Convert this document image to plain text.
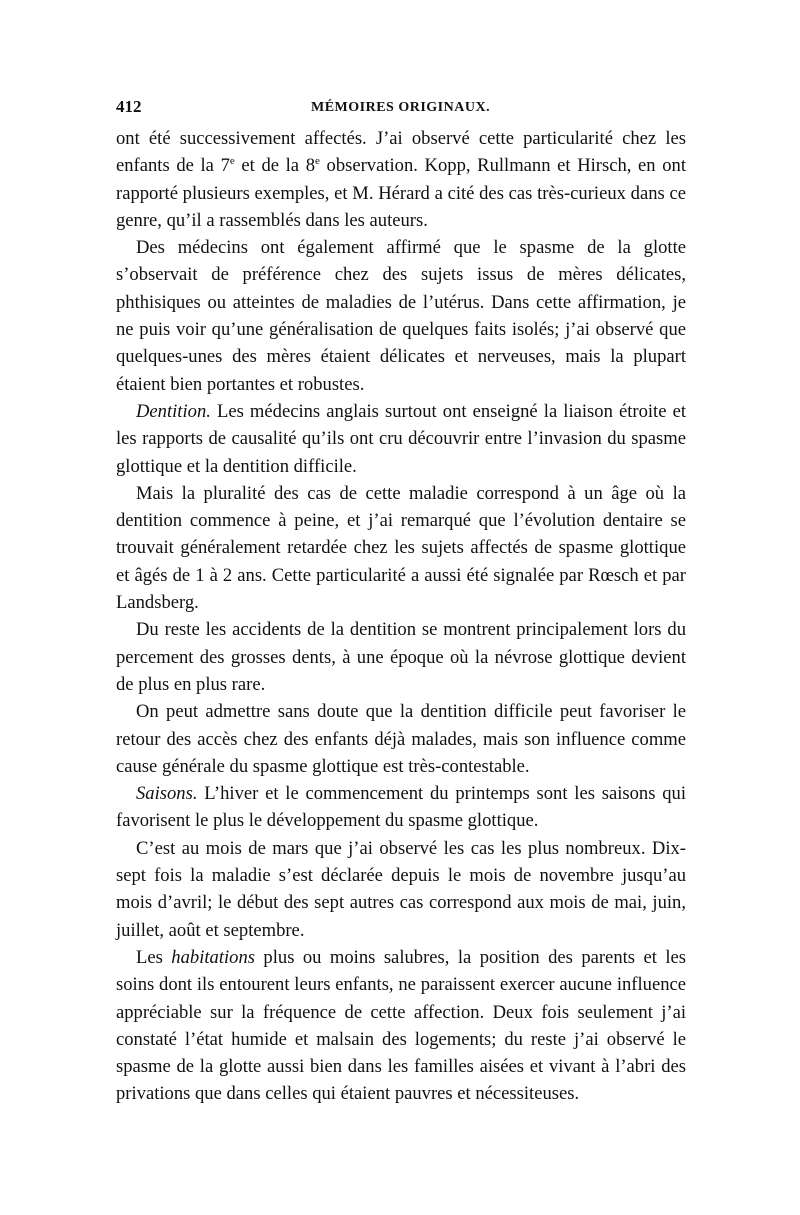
412	MÉMOIRES ORIGINAUX.

ont été successivement affectés. J’ai observé cette particularité chez les enfants de la 7e et de la 8e observation. Kopp, Rullmann et Hirsch, en ont rapporté plusieurs exemples, et M. Hérard a cité des cas très-curieux dans ce genre, qu’il a rassemblés dans les auteurs.

Des médecins ont également affirmé que le spasme de la glotte s’observait de préférence chez des sujets issus de mères délicates, phthisiques ou atteintes de maladies de l’utérus. Dans cette affirmation, je ne puis voir qu’une généralisation de quelques faits isolés; j’ai observé que quelques-unes des mères étaient délicates et nerveuses, mais la plupart étaient bien portantes et robustes.

Dentition. Les médecins anglais surtout ont enseigné la liaison étroite et les rapports de causalité qu’ils ont cru découvrir entre l’invasion du spasme glottique et la dentition difficile.

Mais la pluralité des cas de cette maladie correspond à un âge où la dentition commence à peine, et j’ai remarqué que l’évolution dentaire se trouvait généralement retardée chez les sujets affectés de spasme glottique et âgés de 1 à 2 ans. Cette particularité a aussi été signalée par Rœsch et par Landsberg.

Du reste les accidents de la dentition se montrent principalement lors du percement des grosses dents, à une époque où la névrose glottique devient de plus en plus rare.

On peut admettre sans doute que la dentition difficile peut favoriser le retour des accès chez des enfants déjà malades, mais son influence comme cause générale du spasme glottique est très-contestable.

Saisons. L’hiver et le commencement du printemps sont les saisons qui favorisent le plus le développement du spasme glottique.

C’est au mois de mars que j’ai observé les cas les plus nombreux. Dix-sept fois la maladie s’est déclarée depuis le mois de novembre jusqu’au mois d’avril; le début des sept autres cas correspond aux mois de mai, juin, juillet, août et septembre.

Les habitations plus ou moins salubres, la position des parents et les soins dont ils entourent leurs enfants, ne paraissent exercer aucune influence appréciable sur la fréquence de cette affection. Deux fois seulement j’ai constaté l’état humide et malsain des logements; du reste j’ai observé le spasme de la glotte aussi bien dans les familles aisées et vivant à l’abri des privations que dans celles qui étaient pauvres et nécessiteuses.
